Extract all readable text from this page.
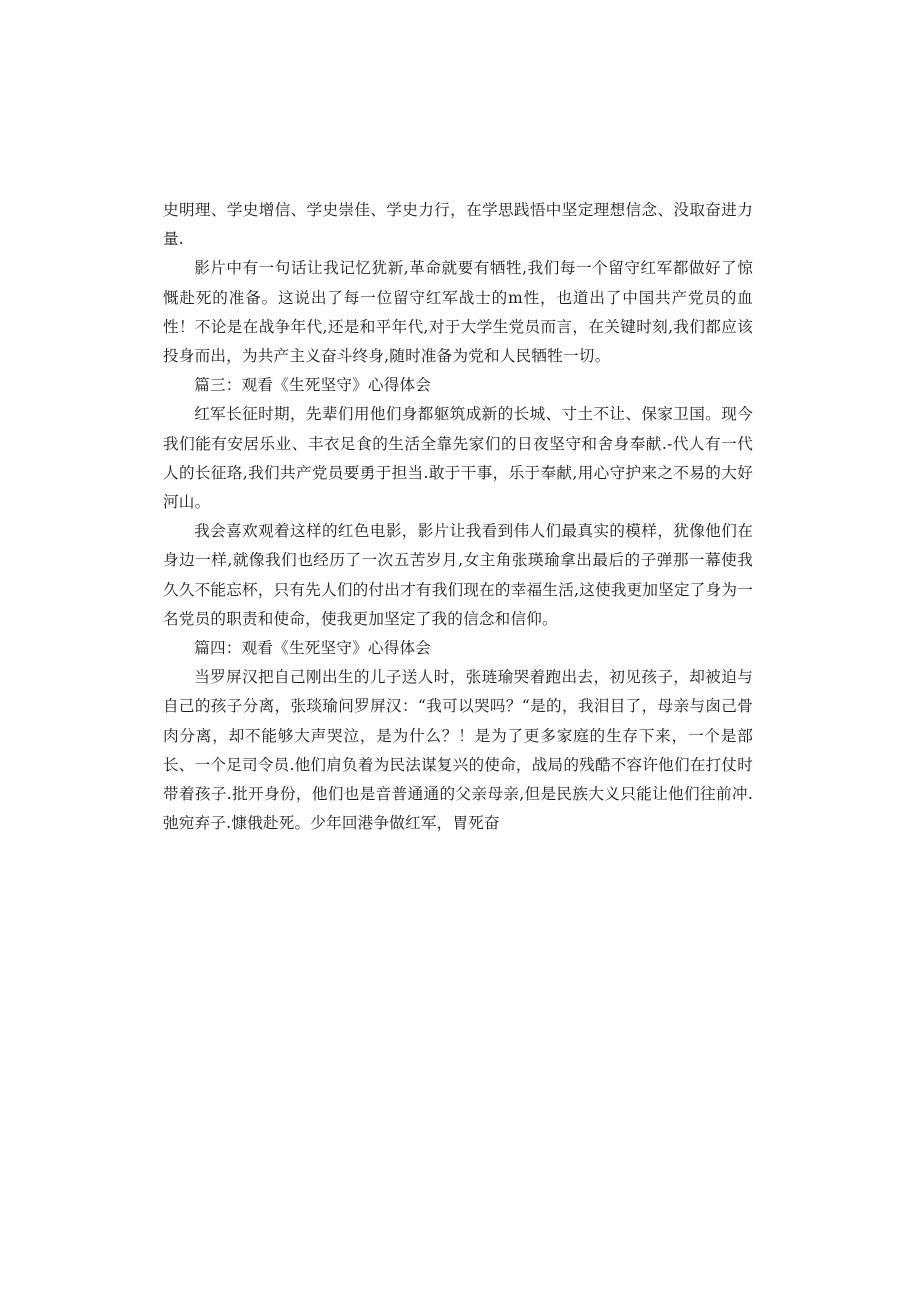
史明理、学史增信、学史崇佳、学史力行，在学思践悟中坚定理想信念、没取奋进力量.

影片中有一句话让我记忆犹新,革命就要有牺牲,我们每一个留守红军都做好了惊慨赴死的准备。这说出了每一位留守红军战士的m性，也道出了中国共产党员的血性！不论是在战争年代,还是和平年代,对于大学生党员而言，在关键时刻,我们都应该投身而出，为共产主义奋斗终身,随时准备为党和人民牺牲一切。

篇三：观看《生死坚守》心得体会

红军长征时期，先辈们用他们身都躯筑成新的长城、寸土不让、保家卫国。现今我们能有安居乐业、丰衣足食的生活全靠先家们的日夜坚守和舍身奉献.-代人有一代人的长征珞,我们共产党员要勇于担当.敢于干事，乐于奉献,用心守护来之不易的大好河山。

我会喜欢观着这样的红色电影，影片让我看到伟人们最真实的模样，犹像他们在身边一样,就像我们也经历了一次五苦岁月,女主角张瑛瑜拿出最后的子弹那一幕使我久久不能忘杯，只有先人们的付出才有我们现在的幸福生活,这使我更加坚定了身为一名党员的职责和使命，使我更加坚定了我的信念和信仰。

篇四：观看《生死坚守》心得体会

当罗屏汉把自己刚出生的儿子送人时，张琏瑜哭着跑出去，初见孩子，却被迫与自己的孩子分离，张琰瑜问罗屏汉：“我可以哭吗？“是的，我泪目了，母亲与囱己骨肉分离，却不能够大声哭泣，是为什么？！是为了更多家庭的生存下来，一个是部长、一个足司令员.他们肩负着为民法谋复兴的使命，战局的残酷不容许他们在打仗时带着孩子.批开身份，他们也是音普通通的父亲母亲,但是民族大义只能让他们往前冲.弛宛弃子.慷俄赴死。少年回港争做红军，胃死奋
